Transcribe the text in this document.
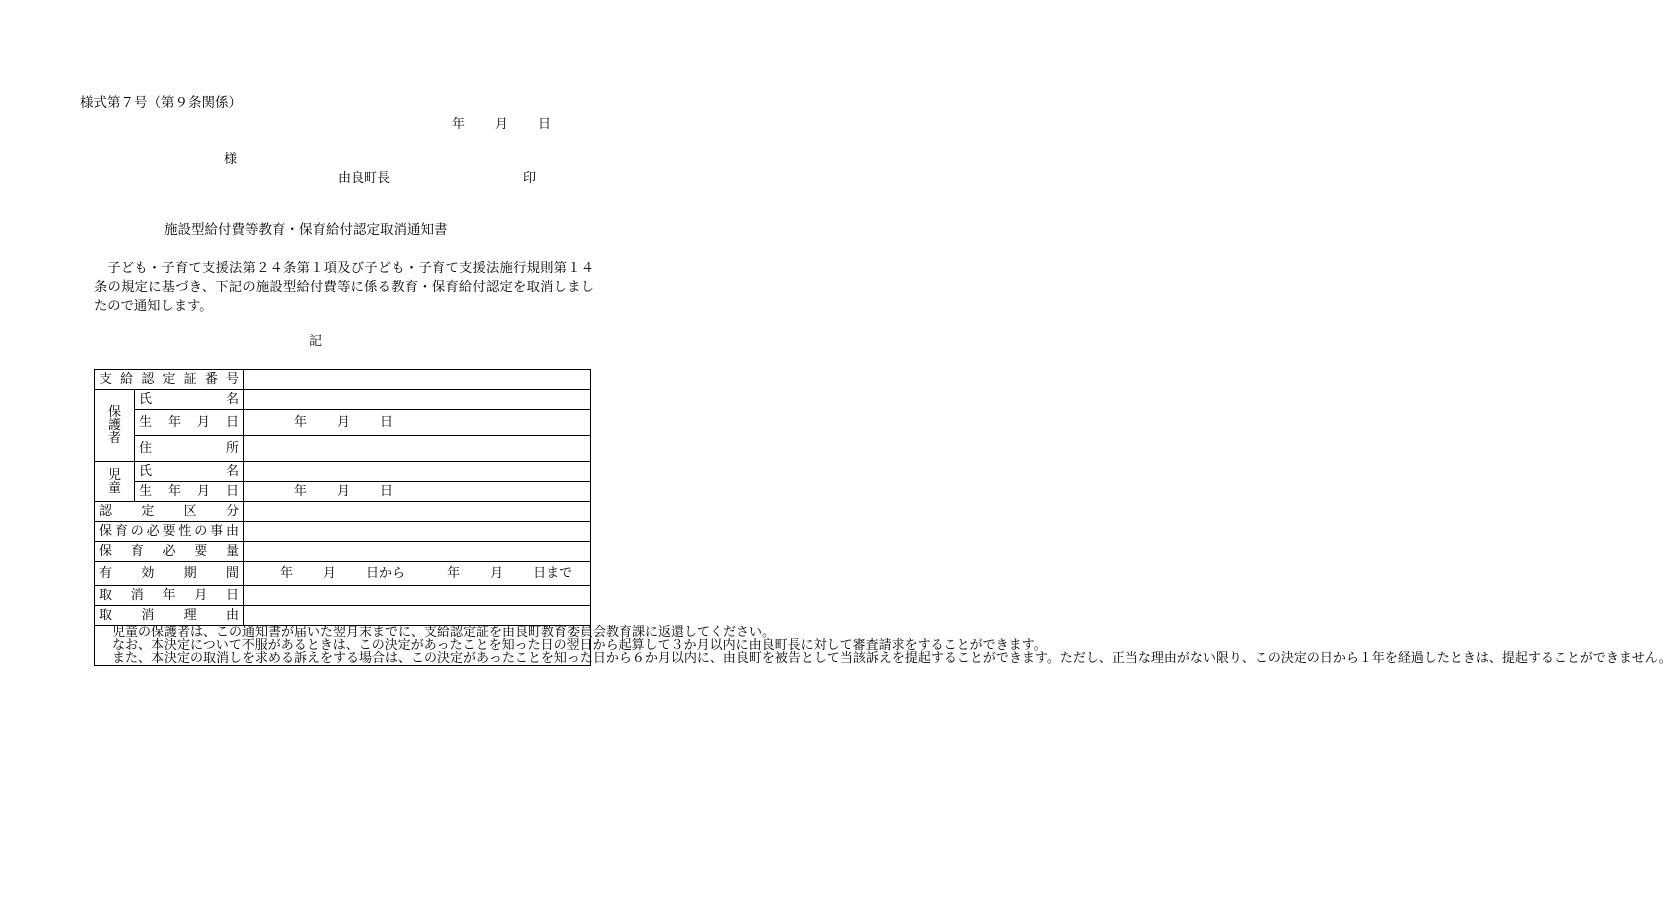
様式第７号（第９条関係）
年 月 日
様
由良町長	印
施設型給付費等教育・保育給付認定取消通知書
子ども・子育て支援法第２４条第１項及び子ども・子育て支援法施行規則第１４条の規定に基づき、下記の施設型給付費等に係る教育・保育給付認定を取消しましたので通知します。
記
支給認定証番号		

保護者	氏名	
	生年月日	年 月 日
	住所	

児童	氏名	
	生年月日	年 月 日
認定区分		
保育の必要性の事由		
保育必要量		
有効期間		年 月 日から 年 月 日まで
取消年月日		
取消理由		

児童の保護者は、この通知書が届いた翌月末までに、支給認定証を由良町教育委員会教育課に返還してください。

なお、本決定について不服があるときは、この決定があったことを知った日の翌日から起算して３か月以内に由良町長に対して審査請求をすることができます。

また、本決定の取消しを求める訴えをする場合は、この決定があったことを知った日から６か月以内に、由良町を被告として当該訴えを提起することができます。ただし、正当な理由がない限り、この決定の日から１年を経過したときは、提起することができません。		
